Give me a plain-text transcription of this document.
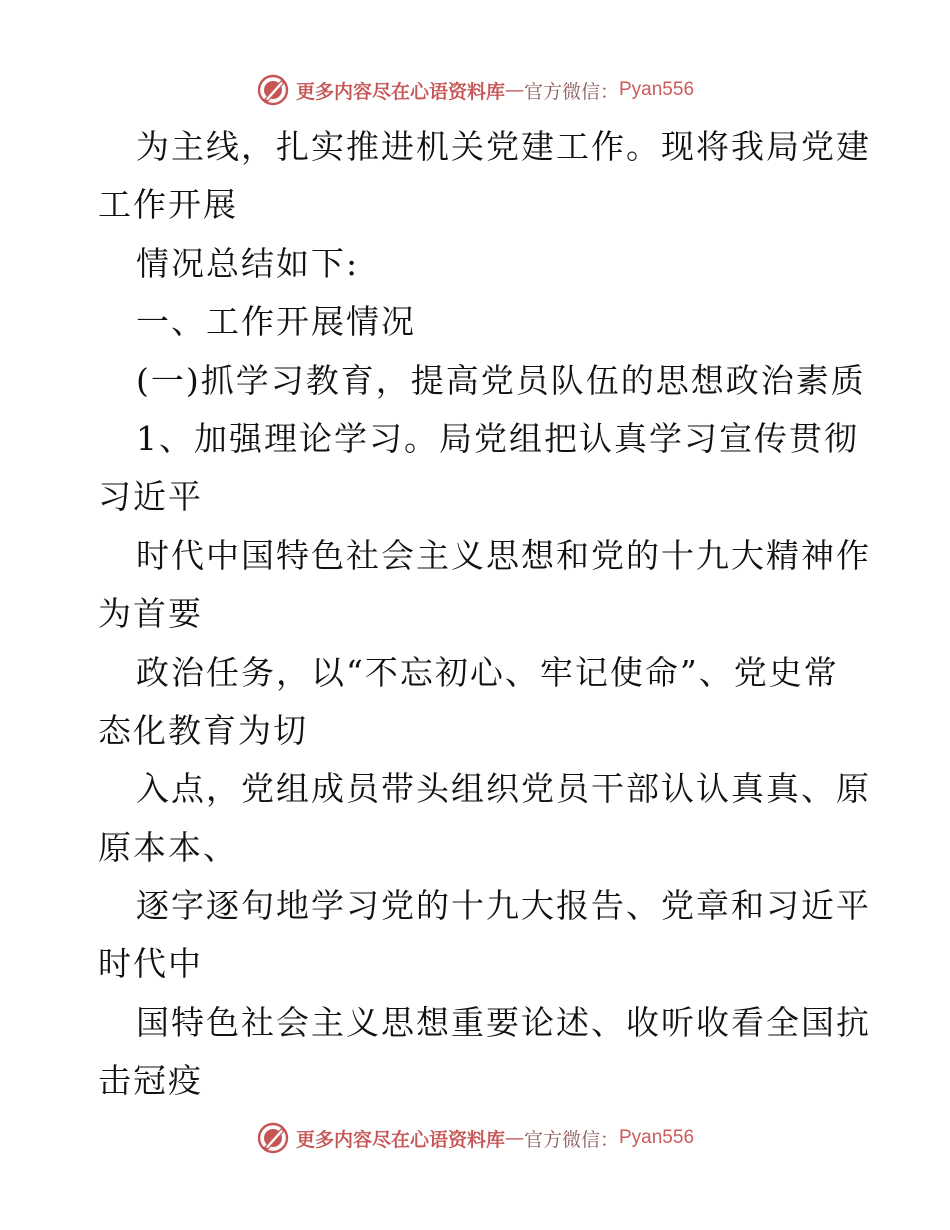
更多内容尽在心语资料库 — 官方微信： Pyan556
为主线，扎实推进机关党建工作。现将我局党建
工作开展
情况总结如下:
一、工作开展情况
(一)抓学习教育，提高党员队伍的思想政治素质
1、加强理论学习。局党组把认真学习宣传贯彻
习近平
时代中国特色社会主义思想和党的十九大精神作
为首要
政治任务，以“不忘初心、牢记使命”、党史常
态化教育为切
入点，党组成员带头组织党员干部认认真真、原
原本本、
逐字逐句地学习党的十九大报告、党章和习近平
时代中
国特色社会主义思想重要论述、收听收看全国抗
击冠疫
更多内容尽在心语资料库 — 官方微信： Pyan556
